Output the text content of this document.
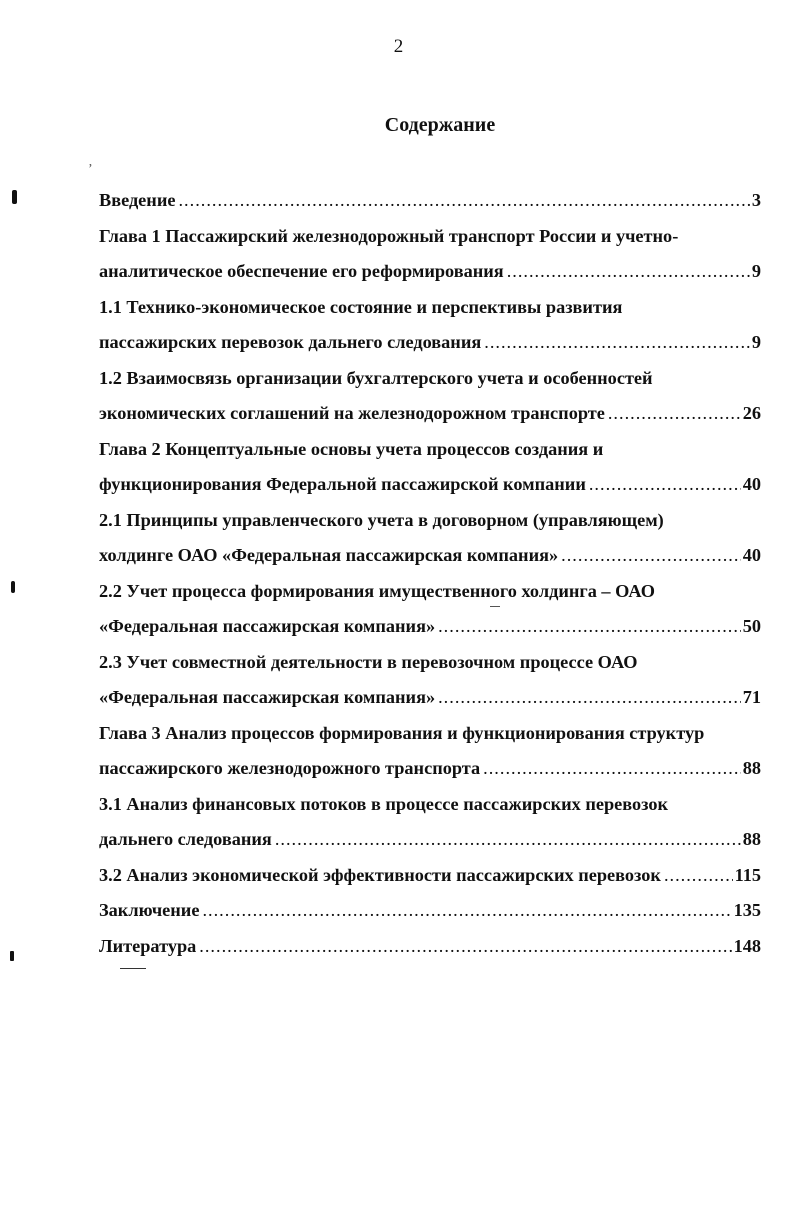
2
Содержание
Введение .....	3
Глава 1 Пассажирский железнодорожный транспорт России и учетно-
аналитическое обеспечение его реформирования .....	9
1.1 Технико-экономическое состояние и перспективы развития
пассажирских перевозок дальнего следования .....	9
1.2 Взаимосвязь организации бухгалтерского учета и особенностей
экономических соглашений на железнодорожном транспорте .....	26
Глава 2 Концептуальные основы учета процессов создания и
функционирования Федеральной пассажирской компании .....	40
2.1 Принципы управленческого учета в договорном (управляющем)
холдинге ОАО «Федеральная пассажирская компания» .....	40
2.2 Учет процесса формирования имущественного холдинга – ОАО
«Федеральная пассажирская компания» .....	50
2.3 Учет совместной деятельности в перевозочном процессе ОАО
«Федеральная пассажирская компания» .....	71
Глава 3 Анализ процессов формирования и функционирования структур
пассажирского железнодорожного транспорта .....	88
3.1 Анализ финансовых потоков в процессе пассажирских перевозок
дальнего следования .....	88
3.2 Анализ экономической эффективности пассажирских перевозок .....	115
Заключение .....	135
Литература .....	148
ʼ
